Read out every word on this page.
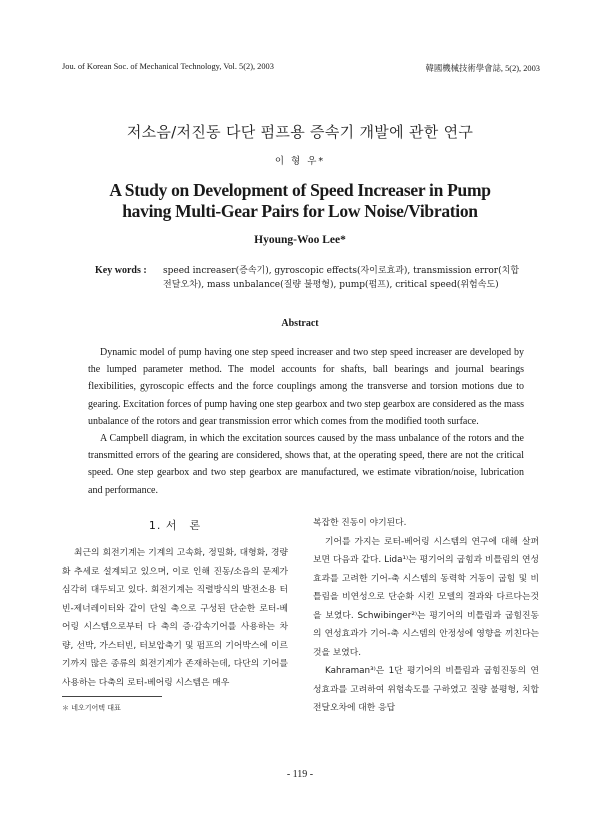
Jou. of Korean Soc. of Mechanical Technology, Vol. 5(2), 2003	韓國機械技術學會誌, 5(2), 2003
저소음/저진동 다단 펌프용 증속기 개발에 관한 연구
이 형 우*
A Study on Development of Speed Increaser in Pump
having Multi-Gear Pairs for Low Noise/Vibration
Hyoung-Woo Lee*
Key words : speed increaser(증속기), gyroscopic effects(자이로효과), transmission error(치합전달오차), mass unbalance(질량 불평형), pump(펌프), critical speed(위험속도)
Abstract

Dynamic model of pump having one step speed increaser and two step speed increaser are developed by the lumped parameter method. The model accounts for shafts, ball bearings and journal bearings flexibilities, gyroscopic effects and the force couplings among the transverse and torsion motions due to gearing. Excitation forces of pump having one step gearbox and two step gearbox are considered as the mass unbalance of the rotors and gear transmission error which comes from the modified tooth surface.

A Campbell diagram, in which the excitation sources caused by the mass unbalance of the rotors and the transmitted errors of the gearing are considered, shows that, at the operating speed, there are not the critical speed. One step gearbox and two step gearbox are manufactured, we estimate vibration/noise, lubrication and performance.

1. 서　론

최근의 회전기계는 기계의 고속화, 정밀화, 대형화, 경량화 추세로 설계되고 있으며, 이로 인해 진동/소음의 문제가 심각히 대두되고 있다. 회전기계는 직렬방식의 발전소용 터빈-제너레이터와 같이 단일 축으로 구성된 단순한 로터-베어링 시스템으로부터 다 축의 증·감속기어를 사용하는 차량, 선박, 가스터빈, 터보압축기 및 펌프의 기어박스에 이르기까지 많은 종류의 회전기계가 존재하는데, 다단의 기어를 사용하는 다축의 로터-베어링 시스템은 매우

복잡한 진동이 야기된다.

기어를 가지는 로터-베어링 시스템의 연구에 대해 살펴보면 다음과 같다. Lida¹⁾는 평기어의 굽힘과 비틀림의 연성효과를 고려한 기어-축 시스템의 동력학 거동이 굽힘 및 비틀림을 비연성으로 단순화 시킨 모델의 결과와 다르다는것을 보였다. Schwibinger²⁾는 평기어의 비틀림과 굽힘진동의 연성효과가 기어-축 시스템의 안정성에 영향을 끼친다는것을 보였다.

Kahraman³⁾은 1단 평기어의 비틀림과 굽힘진동의 연성효과를 고려하여 위험속도를 구하였고 질량 불평형, 치합전달오차에 대한 응답

＊ 네오기어텍 대표
- 119 -
